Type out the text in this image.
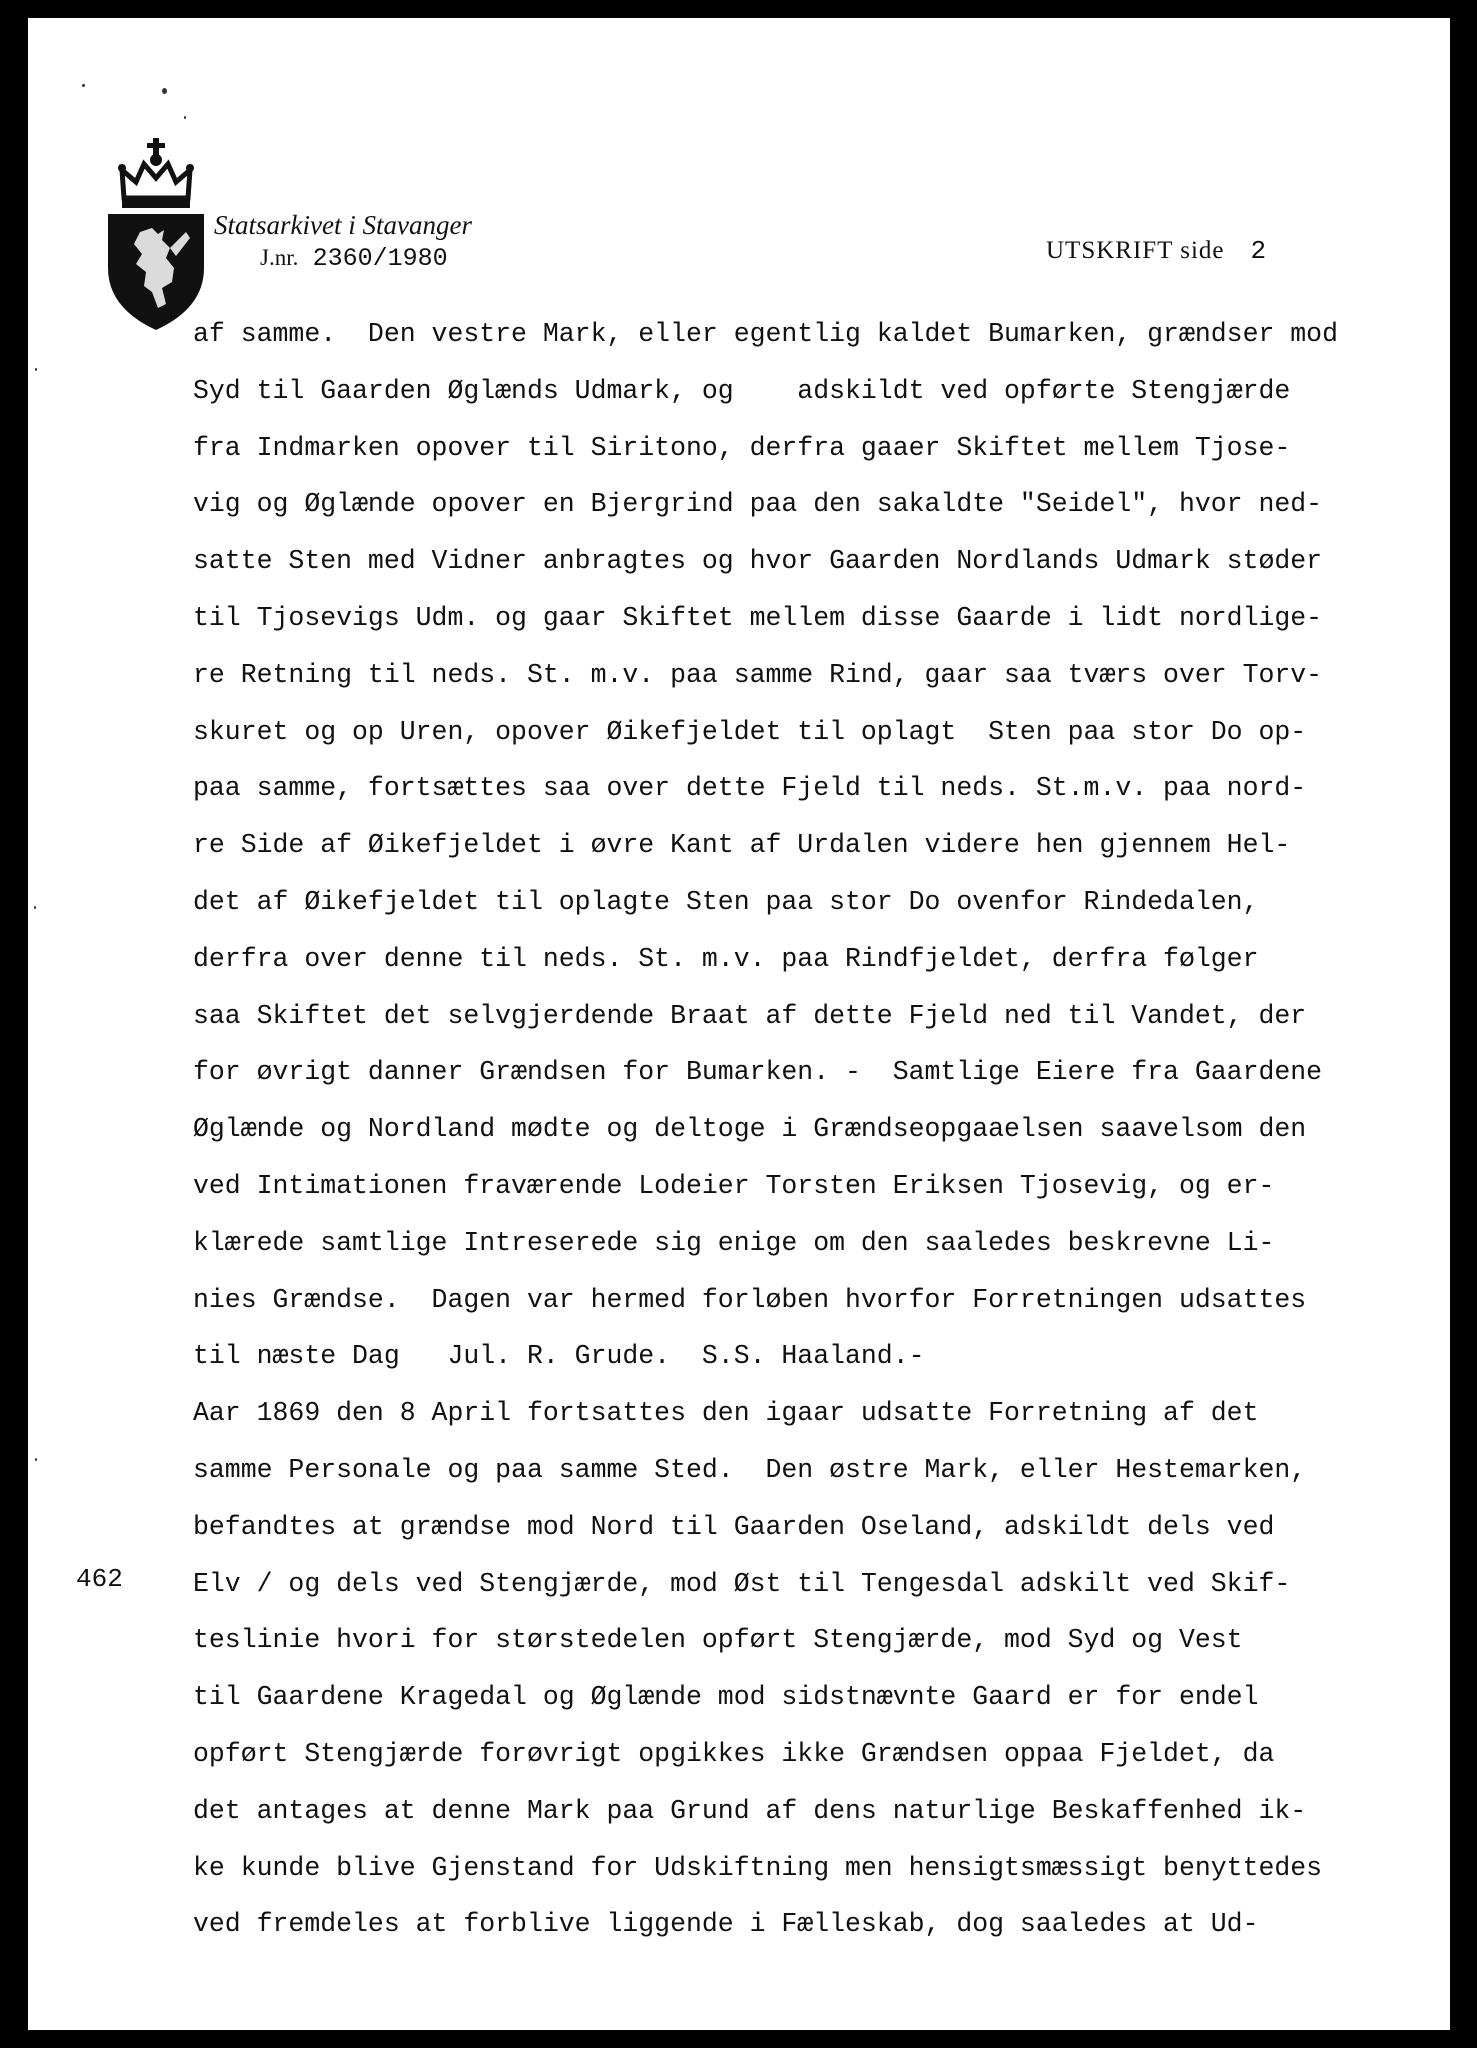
Statsarkivet i Stavanger
J.nr. 2360/1980	UTSKRIFT side 2
462
af samme.  Den vestre Mark, eller egentlig kaldet Bumarken, grændser mod
Syd til Gaarden Øglænds Udmark, og    adskildt ved opførte Stengjærde
fra Indmarken opover til Siritono, derfra gaaer Skiftet mellem Tjose-
vig og Øglænde opover en Bjergrind paa den sakaldte "Seidel", hvor ned-
satte Sten med Vidner anbragtes og hvor Gaarden Nordlands Udmark støder
til Tjosevigs Udm. og gaar Skiftet mellem disse Gaarde i lidt nordlige-
re Retning til neds. St. m.v. paa samme Rind, gaar saa tværs over Torv-
skuret og op Uren, opover Øikefjeldet til oplagt  Sten paa stor Do op-
paa samme, fortsættes saa over dette Fjeld til neds. St.m.v. paa nord-
re Side af Øikefjeldet i øvre Kant af Urdalen videre hen gjennem Hel-
det af Øikefjeldet til oplagte Sten paa stor Do ovenfor Rindedalen,
derfra over denne til neds. St. m.v. paa Rindfjeldet, derfra følger
saa Skiftet det selvgjerdende Braat af dette Fjeld ned til Vandet, der
for øvrigt danner Grændsen for Bumarken. -  Samtlige Eiere fra Gaardene
Øglænde og Nordland mødte og deltoge i Grændseopgaaelsen saavelsom den
ved Intimationen fraværende Lodeier Torsten Eriksen Tjosevig, og er-
klærede samtlige Intreserede sig enige om den saaledes beskrevne Li-
nies Grændse.  Dagen var hermed forløben hvorfor Forretningen udsattes
til næste Dag   Jul. R. Grude.  S.S. Haaland.-
Aar 1869 den 8 April fortsattes den igaar udsatte Forretning af det
samme Personale og paa samme Sted.  Den østre Mark, eller Hestemarken,
befandtes at grændse mod Nord til Gaarden Oseland, adskildt dels ved
Elv / og dels ved Stengjærde, mod Øst til Tengesdal adskilt ved Skif-
teslinie hvori for størstedelen opført Stengjærde, mod Syd og Vest
til Gaardene Kragedal og Øglænde mod sidstnævnte Gaard er for endel
opført Stengjærde forøvrigt opgikkes ikke Grændsen oppaa Fjeldet, da
det antages at denne Mark paa Grund af dens naturlige Beskaffenhed ik-
ke kunde blive Gjenstand for Udskiftning men hensigtsmæssigt benyttedes
ved fremdeles at forblive liggende i Fælleskab, dog saaledes at Ud-
